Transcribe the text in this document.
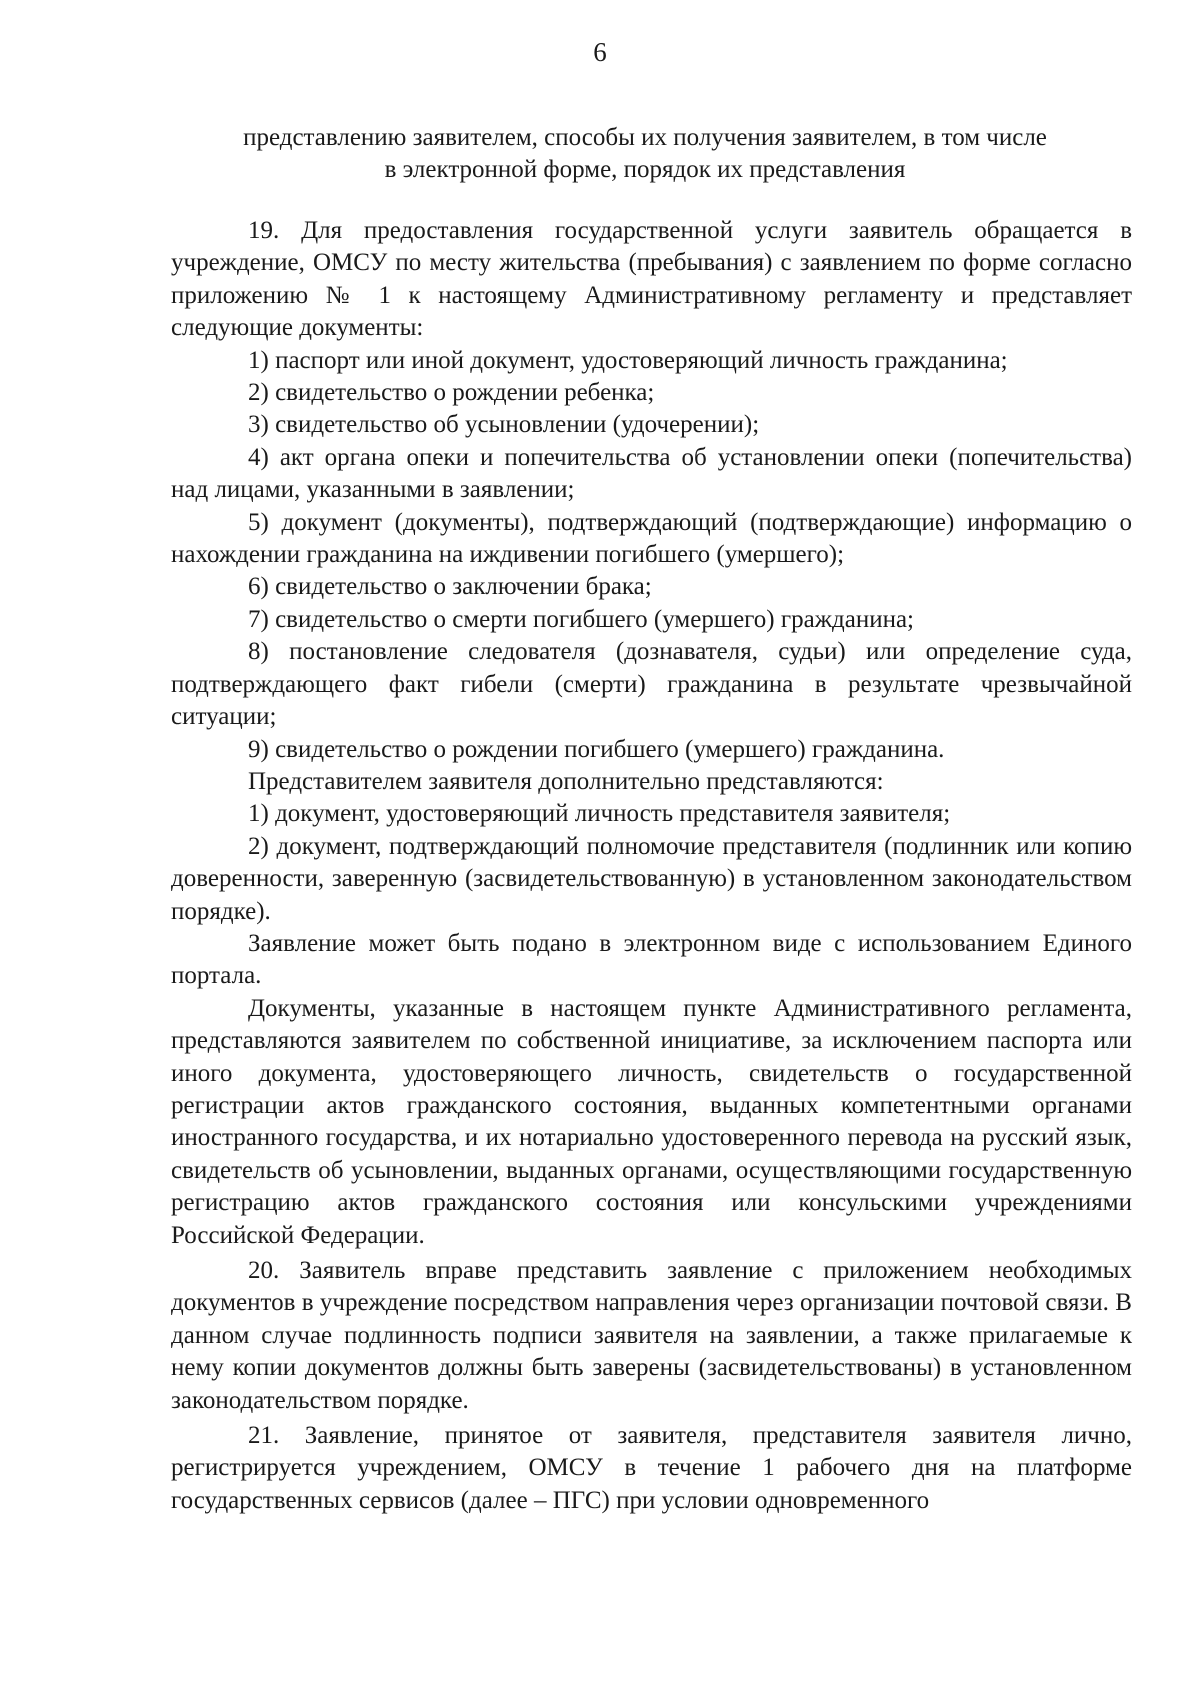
6
представлению заявителем, способы их получения заявителем, в том числе
в электронной форме, порядок их представления

19. Для предоставления государственной услуги заявитель обращается в учреждение, ОМСУ по месту жительства (пребывания) с заявлением по форме согласно приложению № 1 к настоящему Административному регламенту и представляет следующие документы:

1) паспорт или иной документ, удостоверяющий личность гражданина;

2) свидетельство о рождении ребенка;

3) свидетельство об усыновлении (удочерении);

4) акт органа опеки и попечительства об установлении опеки (попечительства) над лицами, указанными в заявлении;

5) документ (документы), подтверждающий (подтверждающие) информацию о нахождении гражданина на иждивении погибшего (умершего);

6) свидетельство о заключении брака;

7) свидетельство о смерти погибшего (умершего) гражданина;

8) постановление следователя (дознавателя, судьи) или определение суда, подтверждающего факт гибели (смерти) гражданина в результате чрезвычайной ситуации;

9) свидетельство о рождении погибшего (умершего) гражданина.

Представителем заявителя дополнительно представляются:

1) документ, удостоверяющий личность представителя заявителя;

2) документ, подтверждающий полномочие представителя (подлинник или копию доверенности, заверенную (засвидетельствованную) в установленном законодательством порядке).

Заявление может быть подано в электронном виде с использованием Единого портала.

Документы, указанные в настоящем пункте Административного регламента, представляются заявителем по собственной инициативе, за исключением паспорта или иного документа, удостоверяющего личность, свидетельств о государственной регистрации актов гражданского состояния, выданных компетентными органами иностранного государства, и их нотариально удостоверенного перевода на русский язык, свидетельств об усыновлении, выданных органами, осуществляющими государственную регистрацию актов гражданского состояния или консульскими учреждениями Российской Федерации.

20. Заявитель вправе представить заявление с приложением необходимых документов в учреждение посредством направления через организации почтовой связи. В данном случае подлинность подписи заявителя на заявлении, а также прилагаемые к нему копии документов должны быть заверены (засвидетельствованы) в установленном законодательством порядке.

21. Заявление, принятое от заявителя, представителя заявителя лично, регистрируется учреждением, ОМСУ в течение 1 рабочего дня на платформе государственных сервисов (далее – ПГС) при условии одновременного
